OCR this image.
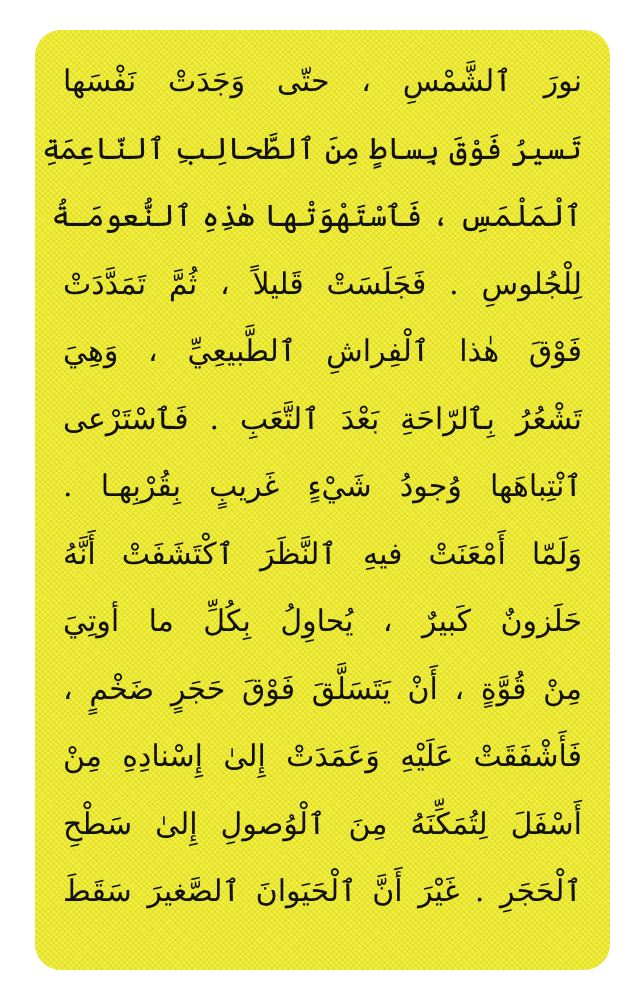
نورَ ٱلشَّمْسِ ، حتّى وَجَدَتْ نَفْسَها
تَسيرُ فَوْقَ بِساطٍ مِنَ ٱلطَّحالِبِ ٱلنّاعِمَةِ
ٱلْمَلْمَسِ ، فَٱسْتَهْوَتْها هٰذِهِ ٱلنُّعومَـةُ
لِلْجُلوسِ . فَجَلَسَتْ قَليلاً ، ثُمَّ تَمَدَّدَتْ
فَوْقَ هٰذا ٱلْفِراشِ ٱلطَّبيعِيِّ ، وَهِيَ
تَشْعُرُ بِٱلرّاحَةِ بَعْدَ ٱلتَّعَبِ . فَٱسْتَرْعى
ٱنْتِباهَها وُجودُ شَيْءٍ غَريبٍ بِقُرْبِهـا .
وَلَمّا أَمْعَنَتْ فيهِ ٱلنَّظَرَ ٱكْتَشَفَتْ أَنَّهُ
حَلَزونٌ كَبيرٌ ، يُحاوِلُ بِكُلِّ ما أوتِيَ
مِنْ قُوَّةٍ ، أَنْ يَتَسَلَّقَ فَوْقَ حَجَرٍ ضَخْمٍ ،
فَأَشْفَقَتْ عَلَيْهِ وَعَمَدَتْ إِلىٰ إِسْنادِهِ مِنْ
أَسْفَلَ لِتُمَكِّنَهُ مِنَ ٱلْوُصولِ إِلىٰ سَطْحِ
ٱلْحَجَرِ . غَيْرَ أَنَّ ٱلْحَيَوانَ ٱلصَّغيرَ سَقَطَ
